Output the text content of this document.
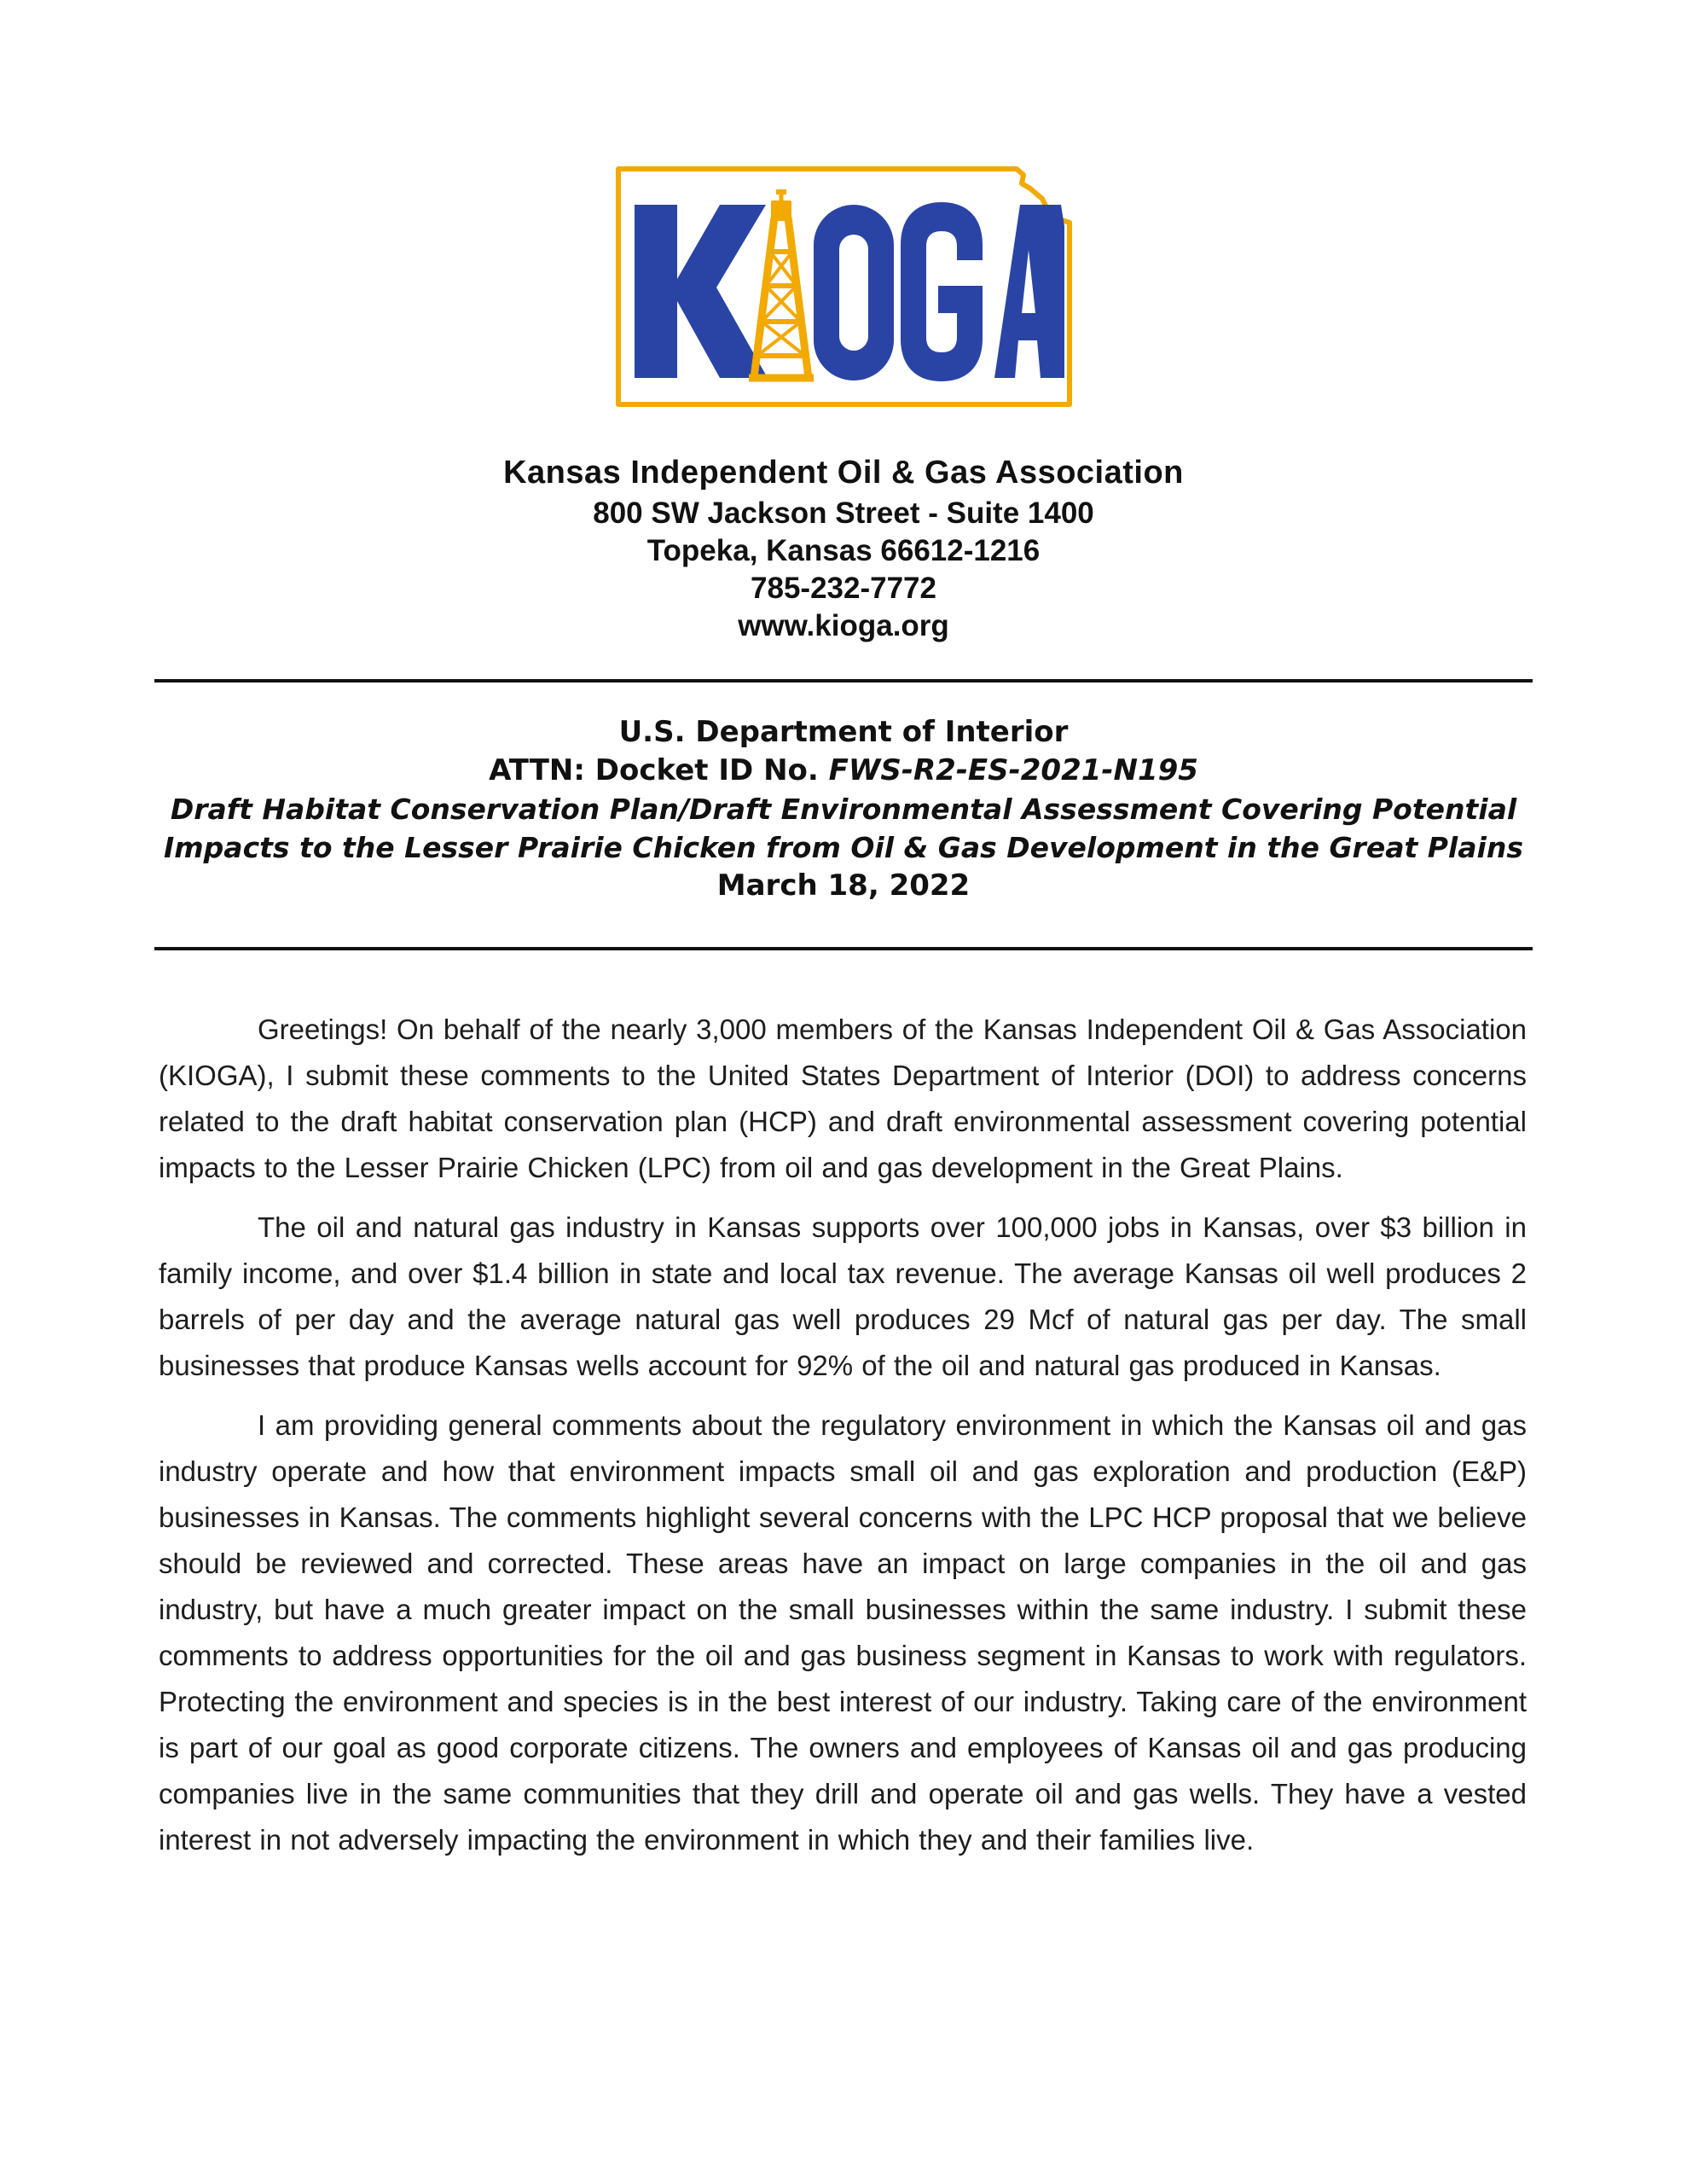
Kansas Independent Oil & Gas Association
800 SW Jackson Street - Suite 1400
Topeka, Kansas 66612-1216
785-232-7772
www.kioga.org
U.S. Department of Interior
ATTN: Docket ID No. FWS-R2-ES-2021-N195
Draft Habitat Conservation Plan/Draft Environmental Assessment Covering Potential
Impacts to the Lesser Prairie Chicken from Oil & Gas Development in the Great Plains
March 18, 2022

Greetings! On behalf of the nearly 3,000 members of the Kansas Independent Oil & Gas Association (KIOGA), I submit these comments to the United States Department of Interior (DOI) to address concerns related to the draft habitat conservation plan (HCP) and draft environmental assessment covering potential impacts to the Lesser Prairie Chicken (LPC) from oil and gas development in the Great Plains.

The oil and natural gas industry in Kansas supports over 100,000 jobs in Kansas, over $3 billion in family income, and over $1.4 billion in state and local tax revenue. The average Kansas oil well produces 2 barrels of per day and the average natural gas well produces 29 Mcf of natural gas per day. The small businesses that produce Kansas wells account for 92% of the oil and natural gas produced in Kansas.

I am providing general comments about the regulatory environment in which the Kansas oil and gas industry operate and how that environment impacts small oil and gas exploration and production (E&P) businesses in Kansas. The comments highlight several concerns with the LPC HCP proposal that we believe should be reviewed and corrected. These areas have an impact on large companies in the oil and gas industry, but have a much greater impact on the small businesses within the same industry. I submit these comments to address opportunities for the oil and gas business segment in Kansas to work with regulators. Protecting the environment and species is in the best interest of our industry. Taking care of the environment is part of our goal as good corporate citizens. The owners and employees of Kansas oil and gas producing companies live in the same communities that they drill and operate oil and gas wells. They have a vested interest in not adversely impacting the environment in which they and their families live.
